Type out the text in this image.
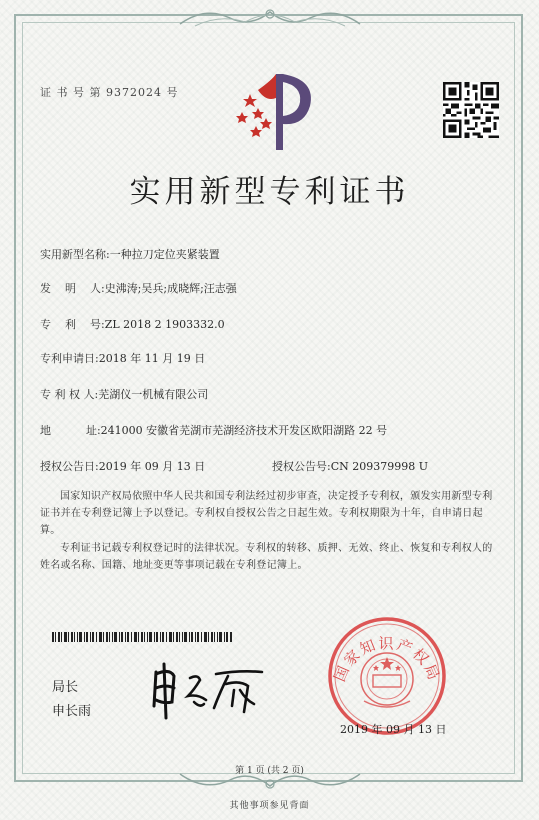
证 书 号 第 9372024 号
实用新型专利证书
实用新型名称:一种拉刀定位夹紧装置
发    明    人:史沸涛;吴兵;成晓辉;汪志强
专    利    号:ZL 2018 2 1903332.0
专利申请日:2018 年 11 月 19 日
专 利 权 人:芜湖仪一机械有限公司
地          址:241000 安徽省芜湖市芜湖经济技术开发区欧阳湖路 22 号
授权公告日:2019 年 09 月 13 日	授权公告号:CN 209379998 U
国家知识产权局依照中华人民共和国专利法经过初步审查，决定授予专利权，颁发实用新型专利证书并在专利登记簿上予以登记。专利权自授权公告之日起生效。专利权期限为十年，自申请日起算。
专利证书记载专利权登记时的法律状况。专利权的转移、质押、无效、终止、恢复和专利权人的姓名或名称、国籍、地址变更等事项记载在专利登记簿上。
局长
申长雨
国家知识产权局
2019 年 09 月 13 日
第 1 页 (共 2 页)
其他事项参见背面
